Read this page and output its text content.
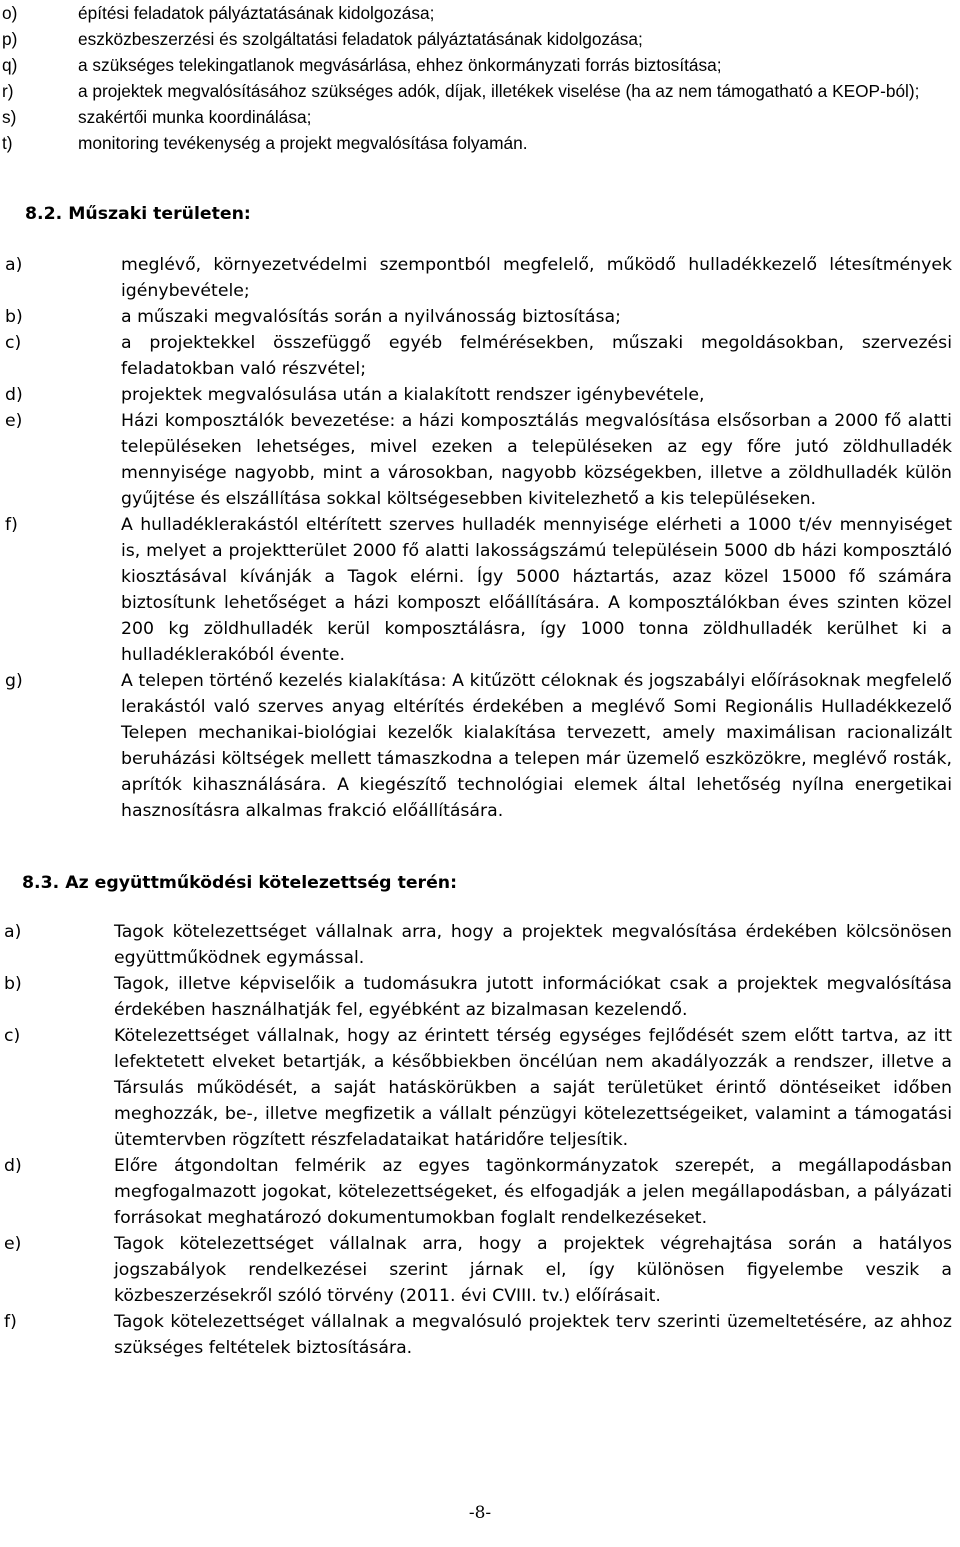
o)	építési feladatok pályáztatásának kidolgozása;
p)	eszközbeszerzési és szolgáltatási feladatok pályáztatásának kidolgozása;
q)	a szükséges telekingatlanok megvásárlása, ehhez önkormányzati forrás biztosítása;
r)	a projektek megvalósításához szükséges adók, díjak, illetékek viselése (ha az nem támogatható a KEOP-ból);
s)	szakértői munka koordinálása;
t)	monitoring tevékenység a projekt megvalósítása folyamán.
8.2. Műszaki területen:
a)	meglévő, környezetvédelmi szempontból megfelelő, működő hulladékkezelő létesítmények igénybevétele;
b)	a műszaki megvalósítás során a nyilvánosság biztosítása;
c)	a projektekkel összefüggő egyéb felmérésekben, műszaki megoldásokban, szervezési feladatokban való részvétel;
d)	projektek megvalósulása után a kialakított rendszer igénybevétele,
e)	Házi komposztálók bevezetése: a házi komposztálás megvalósítása elsősorban a 2000 fő alatti településeken lehetséges, mivel ezeken a településeken az egy főre jutó zöldhulladék mennyisége nagyobb, mint a városokban, nagyobb községekben, illetve a zöldhulladék külön gyűjtése és elszállítása sokkal költségesebben kivitelezhető a kis településeken.
f)	A hulladéklerakástól eltérített szerves hulladék mennyisége elérheti a 1000 t/év mennyiséget is, melyet a projektterület 2000 fő alatti lakosságszámú településein 5000 db házi komposztáló kiosztásával kívánják a Tagok elérni. Így 5000 háztartás, azaz közel 15000 fő számára biztosítunk lehetőséget a házi komposzt előállítására. A komposztálókban éves szinten közel 200 kg zöldhulladék kerül komposztálásra, így 1000 tonna zöldhulladék kerülhet ki a hulladéklerakóból évente.
g)	A telepen történő kezelés kialakítása: A kitűzött céloknak és jogszabályi előírásoknak megfelelő lerakástól való szerves anyag eltérítés érdekében a meglévő Somi Regionális Hulladékkezelő Telepen mechanikai-biológiai kezelők kialakítása tervezett, amely maximálisan racionalizált beruházási költségek mellett támaszkodna a telepen már üzemelő eszközökre, meglévő rosták, aprítók kihasználására. A kiegészítő technológiai elemek által lehetőség nyílna energetikai hasznosításra alkalmas frakció előállítására.
8.3. Az együttműködési kötelezettség terén:
a)	Tagok kötelezettséget vállalnak arra, hogy a projektek megvalósítása érdekében kölcsönösen együttműködnek egymással.
b)	Tagok, illetve képviselőik a tudomásukra jutott információkat csak a projektek megvalósítása érdekében használhatják fel, egyébként az bizalmasan kezelendő.
c)	Kötelezettséget vállalnak, hogy az érintett térség egységes fejlődését szem előtt tartva, az itt lefektetett elveket betartják, a későbbiekben öncélúan nem akadályozzák a rendszer, illetve a Társulás működését, a saját hatáskörükben a saját területüket érintő döntéseiket időben meghozzák, be-, illetve megfizetik a vállalt pénzügyi kötelezettségeiket, valamint a támogatási ütemtervben rögzített részfeladataikat határidőre teljesítik.
d)	Előre átgondoltan felmérik az egyes tagönkormányzatok szerepét, a megállapodásban megfogalmazott jogokat, kötelezettségeket, és elfogadják a jelen megállapodásban, a pályázati forrásokat meghatározó dokumentumokban foglalt rendelkezéseket.
e)	Tagok kötelezettséget vállalnak arra, hogy a projektek végrehajtása során a hatályos jogszabályok rendelkezései szerint járnak el, így különösen figyelembe veszik a közbeszerzésekről szóló törvény (2011. évi CVIII. tv.) előírásait.
f)	Tagok kötelezettséget vállalnak a megvalósuló projektek terv szerinti üzemeltetésére, az ahhoz szükséges feltételek biztosítására.
-8-
